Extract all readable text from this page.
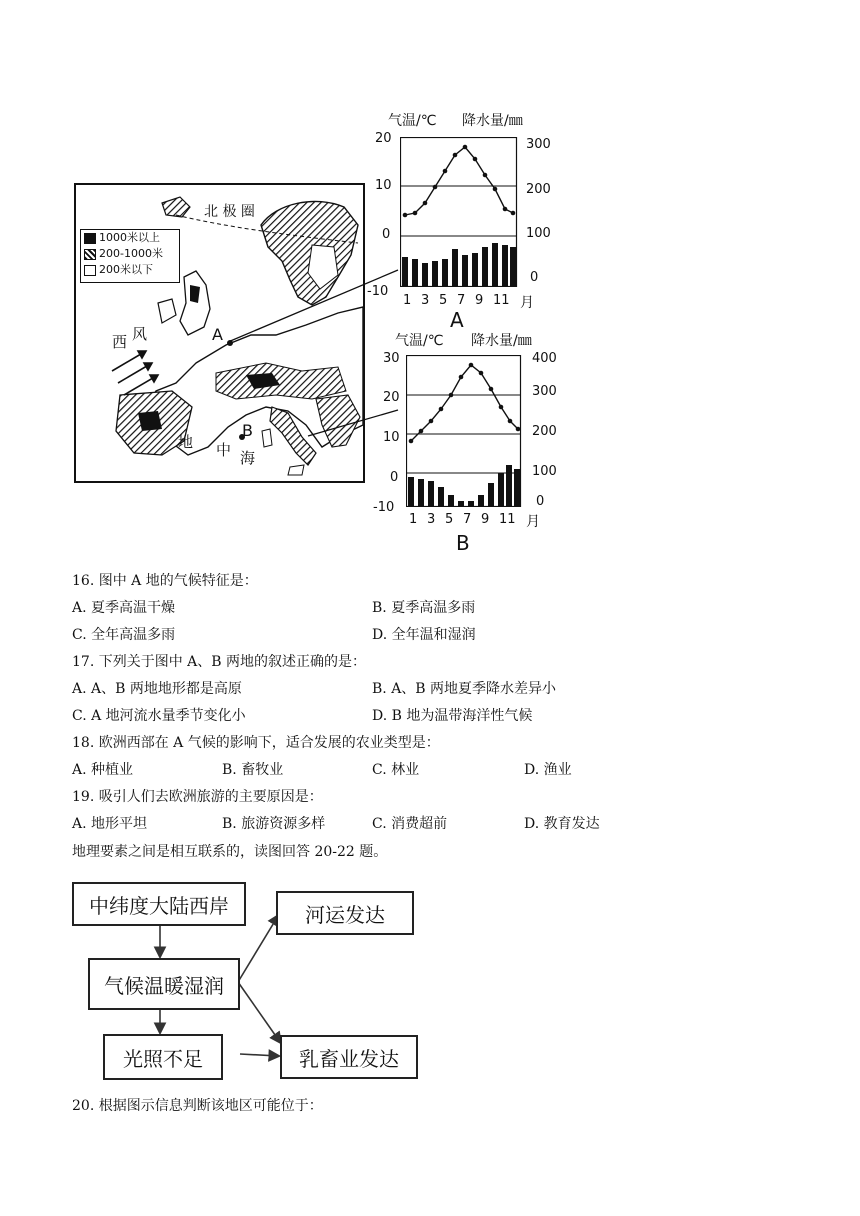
1000米以上
200-1000米
200米以下
北 极 圈
西 风	A
B
地 中 海
气温/℃ 降水量/㎜
20
10
0
-10
300
200
100
0
1 3 5 7 9 11 月
A
气温/℃ 降水量/㎜
30
20
10
0
-10
400
300
200
100
0
1 3 5 7 9 11 月
B
16. 图中 A 地的气候特征是：
A. 夏季高温干燥	B. 夏季高温多雨
C. 全年高温多雨	D. 全年温和湿润
17. 下列关于图中 A、B 两地的叙述正确的是：
A. A、B 两地地形都是高原	B. A、B 两地夏季降水差异小
C. A 地河流水量季节变化小	D. B 地为温带海洋性气候
18. 欧洲西部在 A 气候的影响下，适合发展的农业类型是：
A. 种植业	B. 畜牧业	C. 林业	D. 渔业
19. 吸引人们去欧洲旅游的主要原因是：
A. 地形平坦	B. 旅游资源多样	C. 消费超前	D. 教育发达
地理要素之间是相互联系的，读图回答 20-22 题。
中纬度大陆西岸	河运发达
气候温暖湿润
光照不足	乳畜业发达
20. 根据图示信息判断该地区可能位于：
